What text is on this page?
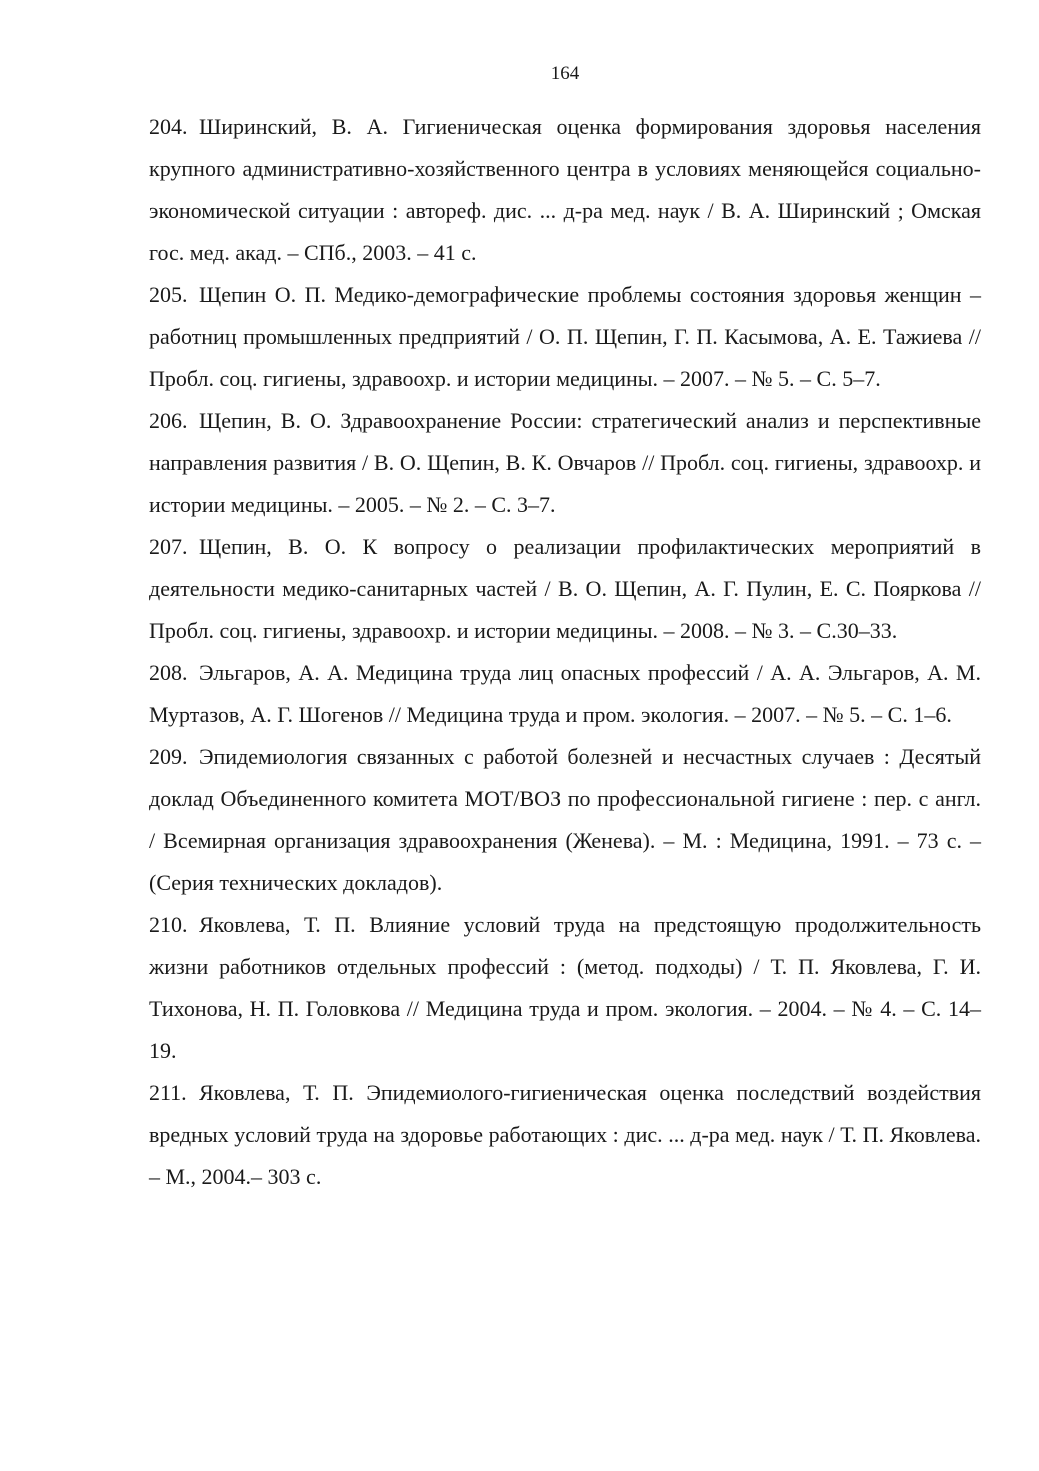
164

204. Ширинский, В. А. Гигиеническая оценка формирования здоровья населения крупного административно-хозяйственного центра в условиях меняющейся социально-экономической ситуации : автореф. дис. ... д-ра мед. наук / В. А. Ширинский ; Омская гос. мед. акад. – СПб., 2003. – 41 с.

205. Щепин О. П. Медико-демографические проблемы состояния здоровья женщин – работниц промышленных предприятий / О. П. Щепин, Г. П. Касымова, А. Е. Тажиева // Пробл. соц. гигиены, здравоохр. и истории медицины. – 2007. – № 5. – С. 5–7.

206. Щепин, В. О. Здравоохранение России: стратегический анализ и перспективные направления развития / В. О. Щепин, В. К. Овчаров // Пробл. соц. гигиены, здравоохр. и истории медицины. – 2005. – № 2. – С. 3–7.

207. Щепин, В. О. К вопросу о реализации профилактических мероприятий в деятельности медико-санитарных частей / В. О. Щепин, А. Г. Пулин, Е. С. Пояркова // Пробл. соц. гигиены, здравоохр. и истории медицины. – 2008. – № 3. – С.30–33.

208. Эльгаров, А. А. Медицина труда лиц опасных профессий / А. А. Эльгаров, А. М. Муртазов, А. Г. Шогенов // Медицина труда и пром. экология. – 2007. – № 5. – С. 1–6.

209. Эпидемиология связанных с работой болезней и несчастных случаев : Десятый доклад Объединенного комитета МОТ/ВОЗ по профессиональной гигиене : пер. с англ. / Всемирная организация здравоохранения (Женева). – М. : Медицина, 1991. – 73 с. – (Серия технических докладов).

210. Яковлева, Т. П. Влияние условий труда на предстоящую продолжительность жизни работников отдельных профессий : (метод. подходы) / Т. П. Яковлева, Г. И. Тихонова, Н. П. Головкова // Медицина труда и пром. экология. – 2004. – № 4. – С. 14–19.

211. Яковлева, Т. П. Эпидемиолого-гигиеническая оценка последствий воздействия вредных условий труда на здоровье работающих : дис. ... д-ра мед. наук / Т. П. Яковлева. – М., 2004.– 303 с.
